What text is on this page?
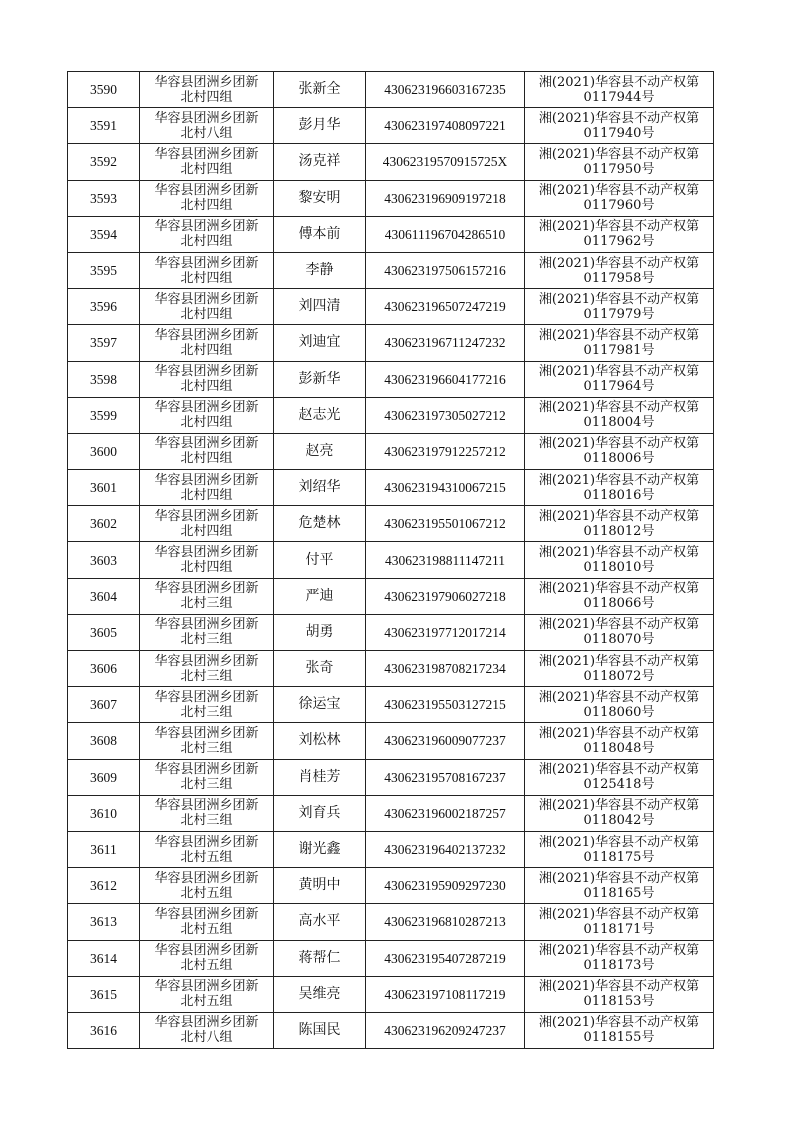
3590	华容县团洲乡团新
北村四组	张新全	430623196603167235	湘(2021)华容县不动产权第
0117944号

3591	华容县团洲乡团新
北村八组	彭月华	430623197408097221	湘(2021)华容县不动产权第
0117940号

3592	华容县团洲乡团新
北村四组	汤克祥	43062319570915725X	湘(2021)华容县不动产权第
0117950号

3593	华容县团洲乡团新
北村四组	黎安明	430623196909197218	湘(2021)华容县不动产权第
0117960号

3594	华容县团洲乡团新
北村四组	傅本前	430611196704286510	湘(2021)华容县不动产权第
0117962号

3595	华容县团洲乡团新
北村四组	李静	430623197506157216	湘(2021)华容县不动产权第
0117958号

3596	华容县团洲乡团新
北村四组	刘四清	430623196507247219	湘(2021)华容县不动产权第
0117979号

3597	华容县团洲乡团新
北村四组	刘迪宜	430623196711247232	湘(2021)华容县不动产权第
0117981号

3598	华容县团洲乡团新
北村四组	彭新华	430623196604177216	湘(2021)华容县不动产权第
0117964号

3599	华容县团洲乡团新
北村四组	赵志光	430623197305027212	湘(2021)华容县不动产权第
0118004号

3600	华容县团洲乡团新
北村四组	赵亮	430623197912257212	湘(2021)华容县不动产权第
0118006号

3601	华容县团洲乡团新
北村四组	刘绍华	430623194310067215	湘(2021)华容县不动产权第
0118016号

3602	华容县团洲乡团新
北村四组	危楚林	430623195501067212	湘(2021)华容县不动产权第
0118012号

3603	华容县团洲乡团新
北村四组	付平	430623198811147211	湘(2021)华容县不动产权第
0118010号

3604	华容县团洲乡团新
北村三组	严迪	430623197906027218	湘(2021)华容县不动产权第
0118066号

3605	华容县团洲乡团新
北村三组	胡勇	430623197712017214	湘(2021)华容县不动产权第
0118070号

3606	华容县团洲乡团新
北村三组	张奇	430623198708217234	湘(2021)华容县不动产权第
0118072号

3607	华容县团洲乡团新
北村三组	徐运宝	430623195503127215	湘(2021)华容县不动产权第
0118060号

3608	华容县团洲乡团新
北村三组	刘松林	430623196009077237	湘(2021)华容县不动产权第
0118048号

3609	华容县团洲乡团新
北村三组	肖桂芳	430623195708167237	湘(2021)华容县不动产权第
0125418号

3610	华容县团洲乡团新
北村三组	刘育兵	430623196002187257	湘(2021)华容县不动产权第
0118042号

3611	华容县团洲乡团新
北村五组	谢光鑫	430623196402137232	湘(2021)华容县不动产权第
0118175号

3612	华容县团洲乡团新
北村五组	黄明中	430623195909297230	湘(2021)华容县不动产权第
0118165号

3613	华容县团洲乡团新
北村五组	高水平	430623196810287213	湘(2021)华容县不动产权第
0118171号

3614	华容县团洲乡团新
北村五组	蒋帮仁	430623195407287219	湘(2021)华容县不动产权第
0118173号

3615	华容县团洲乡团新
北村五组	吴维亮	430623197108117219	湘(2021)华容县不动产权第
0118153号

3616	华容县团洲乡团新
北村八组	陈国民	430623196209247237	湘(2021)华容县不动产权第
0118155号
